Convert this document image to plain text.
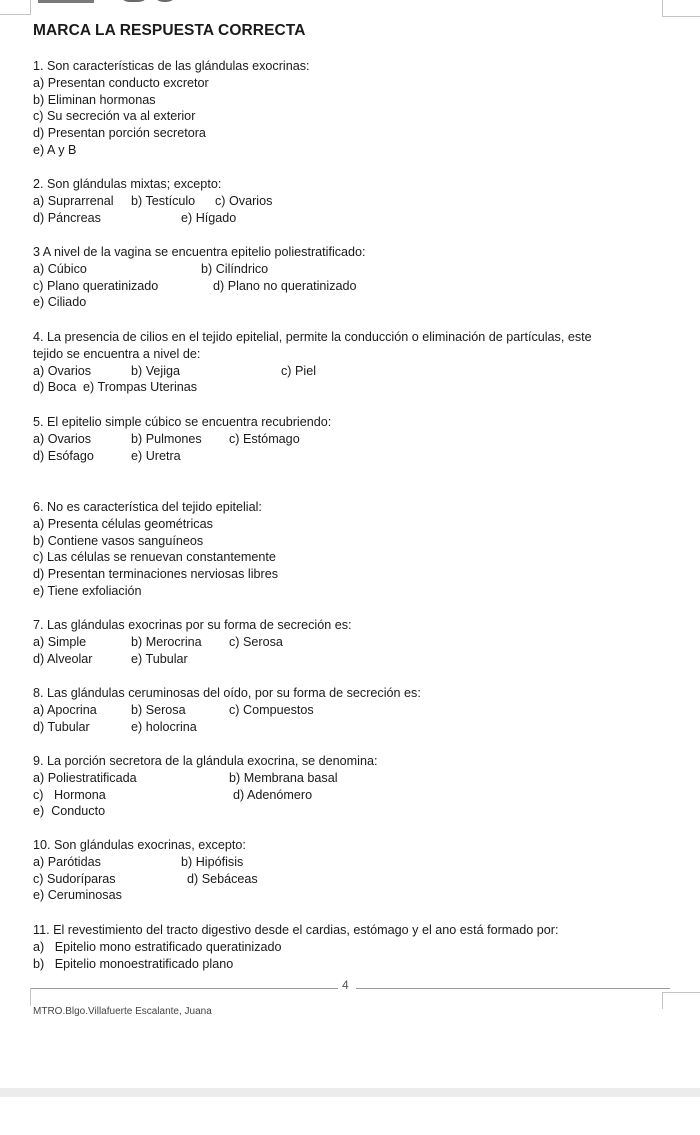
MARCA LA RESPUESTA CORRECTA
1. Son características de las glándulas exocrinas:
a) Presentan conducto excretor
b) Eliminan hormonas
c) Su secreción va al exterior
d) Presentan porción secretora
e) A y B
2. Son glándulas mixtas; excepto:
a) Suprarrenal b) Testículo c) Ovarios
d) Páncreas	e) Hígado
3 A nivel de la vagina se encuentra epitelio poliestratificado:
a) Cúbico	b) Cilíndrico
c) Plano queratinizado	d) Plano no queratinizado
e) Ciliado
4. La presencia de cilios en el tejido epitelial, permite la conducción o eliminación de partículas, este
tejido se encuentra a nivel de:
a) Ovarios	b) Vejiga	c) Piel
d) Boca e) Trompas Uterinas
5. El epitelio simple cúbico se encuentra recubriendo:
a) Ovarios	b) Pulmones c) Estómago
d) Esófago	e) Uretra
6. No es característica del tejido epitelial:
a) Presenta células geométricas
b) Contiene vasos sanguíneos
c) Las células se renuevan constantemente
d) Presentan terminaciones nerviosas libres
e) Tiene exfoliación
7. Las glándulas exocrinas por su forma de secreción es:
a) Simple	b) Merocrina c) Serosa
d) Alveolar	e) Tubular
8. Las glándulas ceruminosas del oído, por su forma de secreción es:
a) Apocrina	b) Serosa	c) Compuestos
d) Tubular	e) holocrina
9. La porción secretora de la glándula exocrina, se denomina:
a) Poliestratificada	b) Membrana basal
c)   Hormona	d) Adenómero
e)  Conducto
10. Son glándulas exocrinas, excepto:
a) Parótidas	b) Hipófisis
c) Sudoríparas	d) Sebáceas
e) Ceruminosas
11. El revestimiento del tracto digestivo desde el cardias, estómago y el ano está formado por:
a)   Epitelio mono estratificado queratinizado
b)   Epitelio monoestratificado plano
4
MTRO.Blgo.Villafuerte Escalante, Juana
